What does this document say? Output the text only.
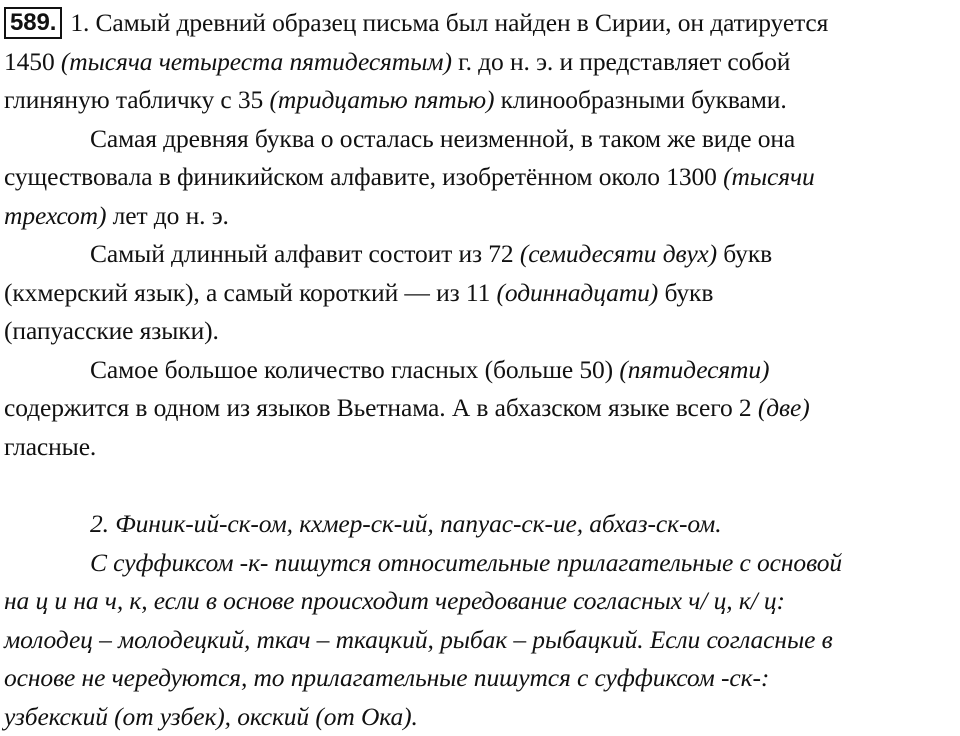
589. 1. Самый древний образец письма был найден в Сирии, он датируется
1450 (тысяча четыреста пятидесятым) г. до н. э. и представляет собой
глиняную табличку с 35 (тридцатью пятью) клинообразными буквами.
Самая древняя буква о осталась неизменной, в таком же виде она
существовала в финикийском алфавите, изобретённом около 1300 (тысячи
трехсот) лет до н. э.
Самый длинный алфавит состоит из 72 (семидесяти двух) букв
(кхмерский язык), а самый короткий — из 11 (одиннадцати) букв
(папуасские языки).
Самое большое количество гласных (больше 50) (пятидесяти)
содержится в одном из языков Вьетнама. А в абхазском языке всего 2 (две)
гласные.
2. Финик-ий-ск-ом, кхмер-ск-ий, папуас-ск-ие, абхаз-ск-ом.
С суффиксом -к- пишутся относительные прилагательные с основой
на ц и на ч, к, если в основе происходит чередование согласных ч/ ц, к/ ц:
молодец – молодецкий, ткач – ткацкий, рыбак – рыбацкий. Если согласные в
основе не чередуются, то прилагательные пишутся с суффиксом -ск-:
узбекский (от узбек), окский (от Ока).
